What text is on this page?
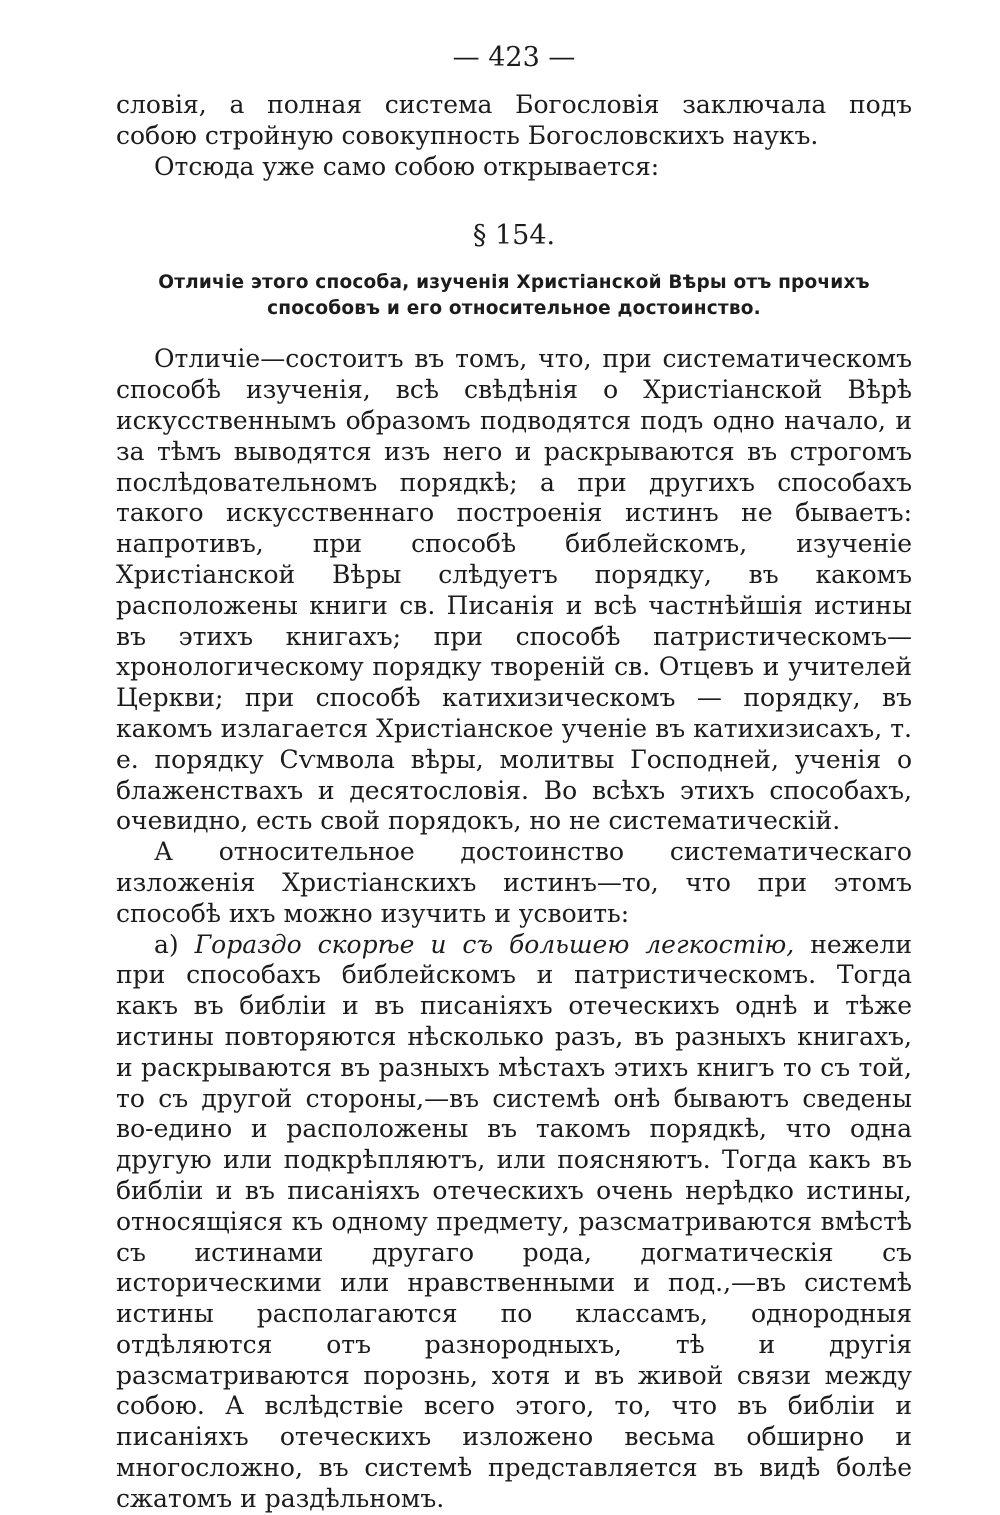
— 423 —

словія, а полная система Богословія заключала подъ собою стройную совокупность Богословскихъ наукъ.

Отсюда уже само собою открывается:

§ 154.
Отличіе этого способа, изученія Христіанской Вѣры отъ прочихъ способовъ и его относительное достоинство.

Отличіе—состоитъ въ томъ, что, при систематическомъ способѣ изученія, всѣ свѣдѣнія о Христіанской Вѣрѣ искусственнымъ образомъ подводятся подъ одно начало, и за тѣмъ выводятся изъ него и раскрываются въ строгомъ послѣдовательномъ порядкѣ; а при другихъ способахъ такого искусственнаго построенія истинъ не бываетъ: напротивъ, при способѣ библейскомъ, изученіе Христіанской Вѣры слѣдуетъ порядку, въ какомъ расположены книги св. Писанія и всѣ частнѣйшія истины въ этихъ книгахъ; при способѣ патристическомъ—хронологическому порядку твореній св. Отцевъ и учителей Церкви; при способѣ катихизическомъ — порядку, въ какомъ излагается Христіанское ученіе въ катихизисахъ, т. е. порядку Сѵмвола вѣры, молитвы Господней, ученія о блаженствахъ и десятословія. Во всѣхъ этихъ способахъ, очевидно, есть свой порядокъ, но не систематическій.

А относительное достоинство систематическаго изложенія Христіанскихъ истинъ—то, что при этомъ способѣ ихъ можно изучить и усвоить:

а) Гораздо скорѣе и съ большею легкостію, нежели при способахъ библейскомъ и патристическомъ. Тогда какъ въ библіи и въ писаніяхъ отеческихъ однѣ и тѣже истины повторяются нѣсколько разъ, въ разныхъ книгахъ, и раскрываются въ разныхъ мѣстахъ этихъ книгъ то съ той, то съ другой стороны,—въ системѣ онѣ бываютъ сведены во-едино и расположены въ такомъ порядкѣ, что одна другую или подкрѣпляютъ, или поясняютъ. Тогда какъ въ библіи и въ писаніяхъ отеческихъ очень нерѣдко истины, относящіяся къ одному предмету, разсматриваются вмѣстѣ съ истинами другаго рода, догматическія съ историческими или нравственными и под.,—въ системѣ истины располагаются по классамъ, однородныя отдѣляются отъ разнородныхъ, тѣ и другія разсматриваются порознь, хотя и въ живой связи между собою. А вслѣдствіе всего этого, то, что въ библіи и писаніяхъ отеческихъ изложено весьма обширно и многосложно, въ системѣ представляется въ видѣ болѣе сжатомъ и раздѣльномъ.
